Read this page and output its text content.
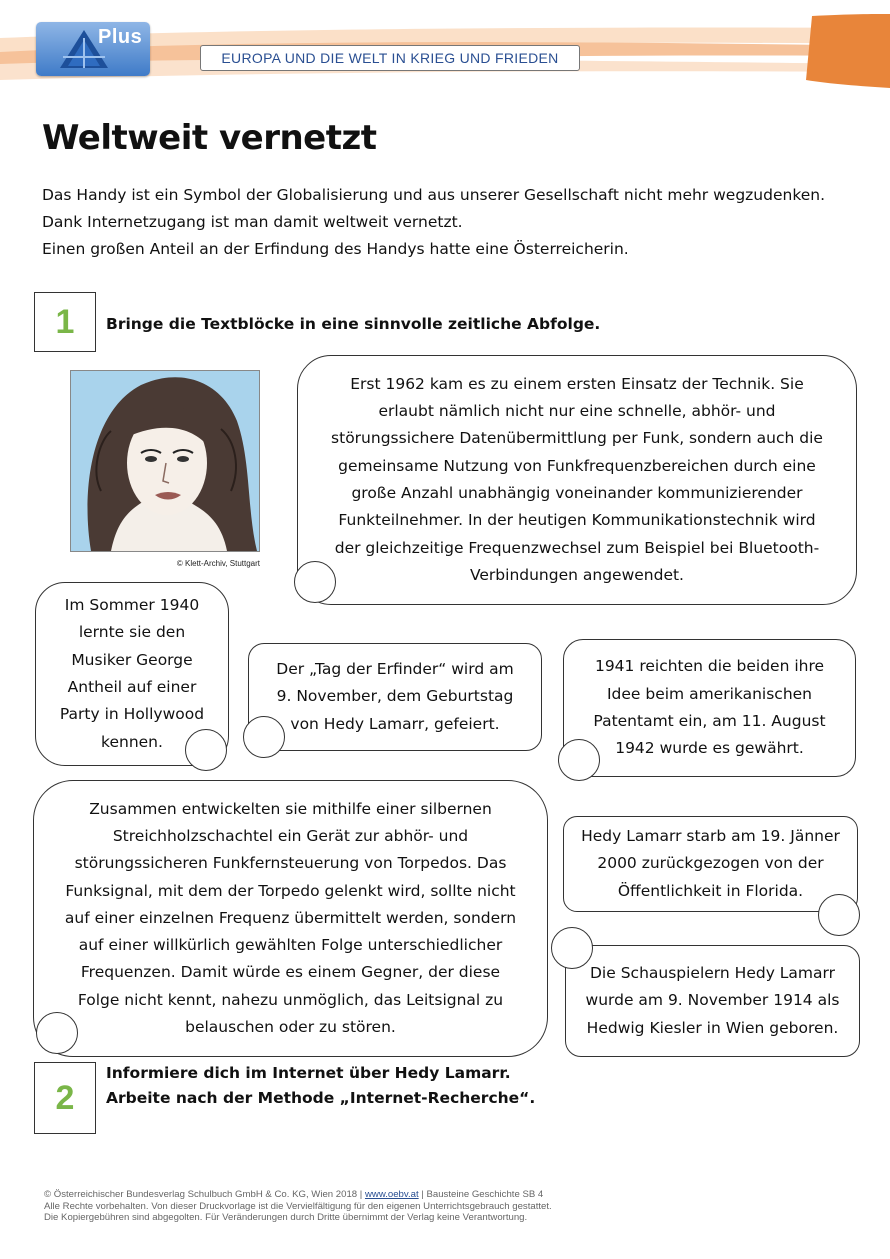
Plus
EUROPA UND DIE WELT IN KRIEG UND FRIEDEN
Weltweit vernetzt
Das Handy ist ein Symbol der Globalisierung und aus unserer Gesellschaft nicht mehr wegzudenken.
Dank Internetzugang ist man damit weltweit vernetzt.
Einen großen Anteil an der Erfindung des Handys hatte eine Österreicherin.
1	Bringe die Textblöcke in eine sinnvolle zeitliche Abfolge.
© Klett-Archiv, Stuttgart
Erst 1962 kam es zu einem ersten Einsatz der Technik. Sie
erlaubt nämlich nicht nur eine schnelle, abhör- und
störungssichere Datenübermittlung per Funk, sondern auch die
gemeinsame Nutzung von Funkfrequenzbereichen durch eine
große Anzahl unabhängig voneinander kommunizierender
Funkteilnehmer. In der heutigen Kommunikationstechnik wird
der gleichzeitige Frequenzwechsel zum Beispiel bei Bluetooth-
Verbindungen angewendet.
Im Sommer 1940
lernte sie den
Musiker George
Antheil auf einer
Party in Hollywood
kennen.
Der „Tag der Erfinder“ wird am
9. November, dem Geburtstag
von Hedy Lamarr, gefeiert.
1941 reichten die beiden ihre
Idee beim amerikanischen
Patentamt ein, am 11. August
1942 wurde es gewährt.
Zusammen entwickelten sie mithilfe einer silbernen
Streichholzschachtel ein Gerät zur abhör- und
störungssicheren Funkfernsteuerung von Torpedos. Das
Funksignal, mit dem der Torpedo gelenkt wird, sollte nicht
auf einer einzelnen Frequenz übermittelt werden, sondern
auf einer willkürlich gewählten Folge unterschiedlicher
Frequenzen. Damit würde es einem Gegner, der diese
Folge nicht kennt, nahezu unmöglich, das Leitsignal zu
belauschen oder zu stören.
Hedy Lamarr starb am 19. Jänner
2000 zurückgezogen von der
Öffentlichkeit in Florida.
Die Schauspielern Hedy Lamarr
wurde am 9. November 1914 als
Hedwig Kiesler in Wien geboren.
2
Informiere dich im Internet über Hedy Lamarr.
Arbeite nach der Methode „Internet-Recherche“.
© Österreichischer Bundesverlag Schulbuch GmbH & Co. KG, Wien 2018 | www.oebv.at | Bausteine Geschichte SB 4
Alle Rechte vorbehalten. Von dieser Druckvorlage ist die Vervielfältigung für den eigenen Unterrichtsgebrauch gestattet.
Die Kopiergebühren sind abgegolten. Für Veränderungen durch Dritte übernimmt der Verlag keine Verantwortung.
